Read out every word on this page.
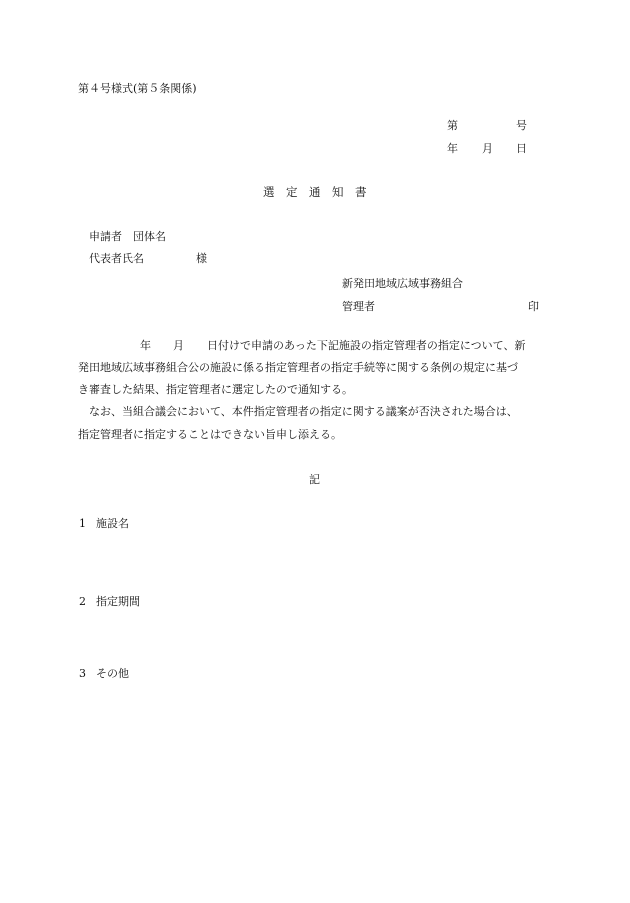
第４号様式(第５条関係)
第	号
年 月 日
選　定　通　知　書
申請者　団体名
代表者氏名	様
新発田地域広域事務組合
管理者	印
年 月 日付けで申請のあった下記施設の指定管理者の指定について、新
発田地域広域事務組合公の施設に係る指定管理者の指定手続等に関する条例の規定に基づ
き審査した結果、指定管理者に選定したので通知する。
　なお、当組合議会において、本件指定管理者の指定に関する議案が否決された場合は、
指定管理者に指定することはできない旨申し添える。
記
1 施設名
2 指定期間
3 その他
